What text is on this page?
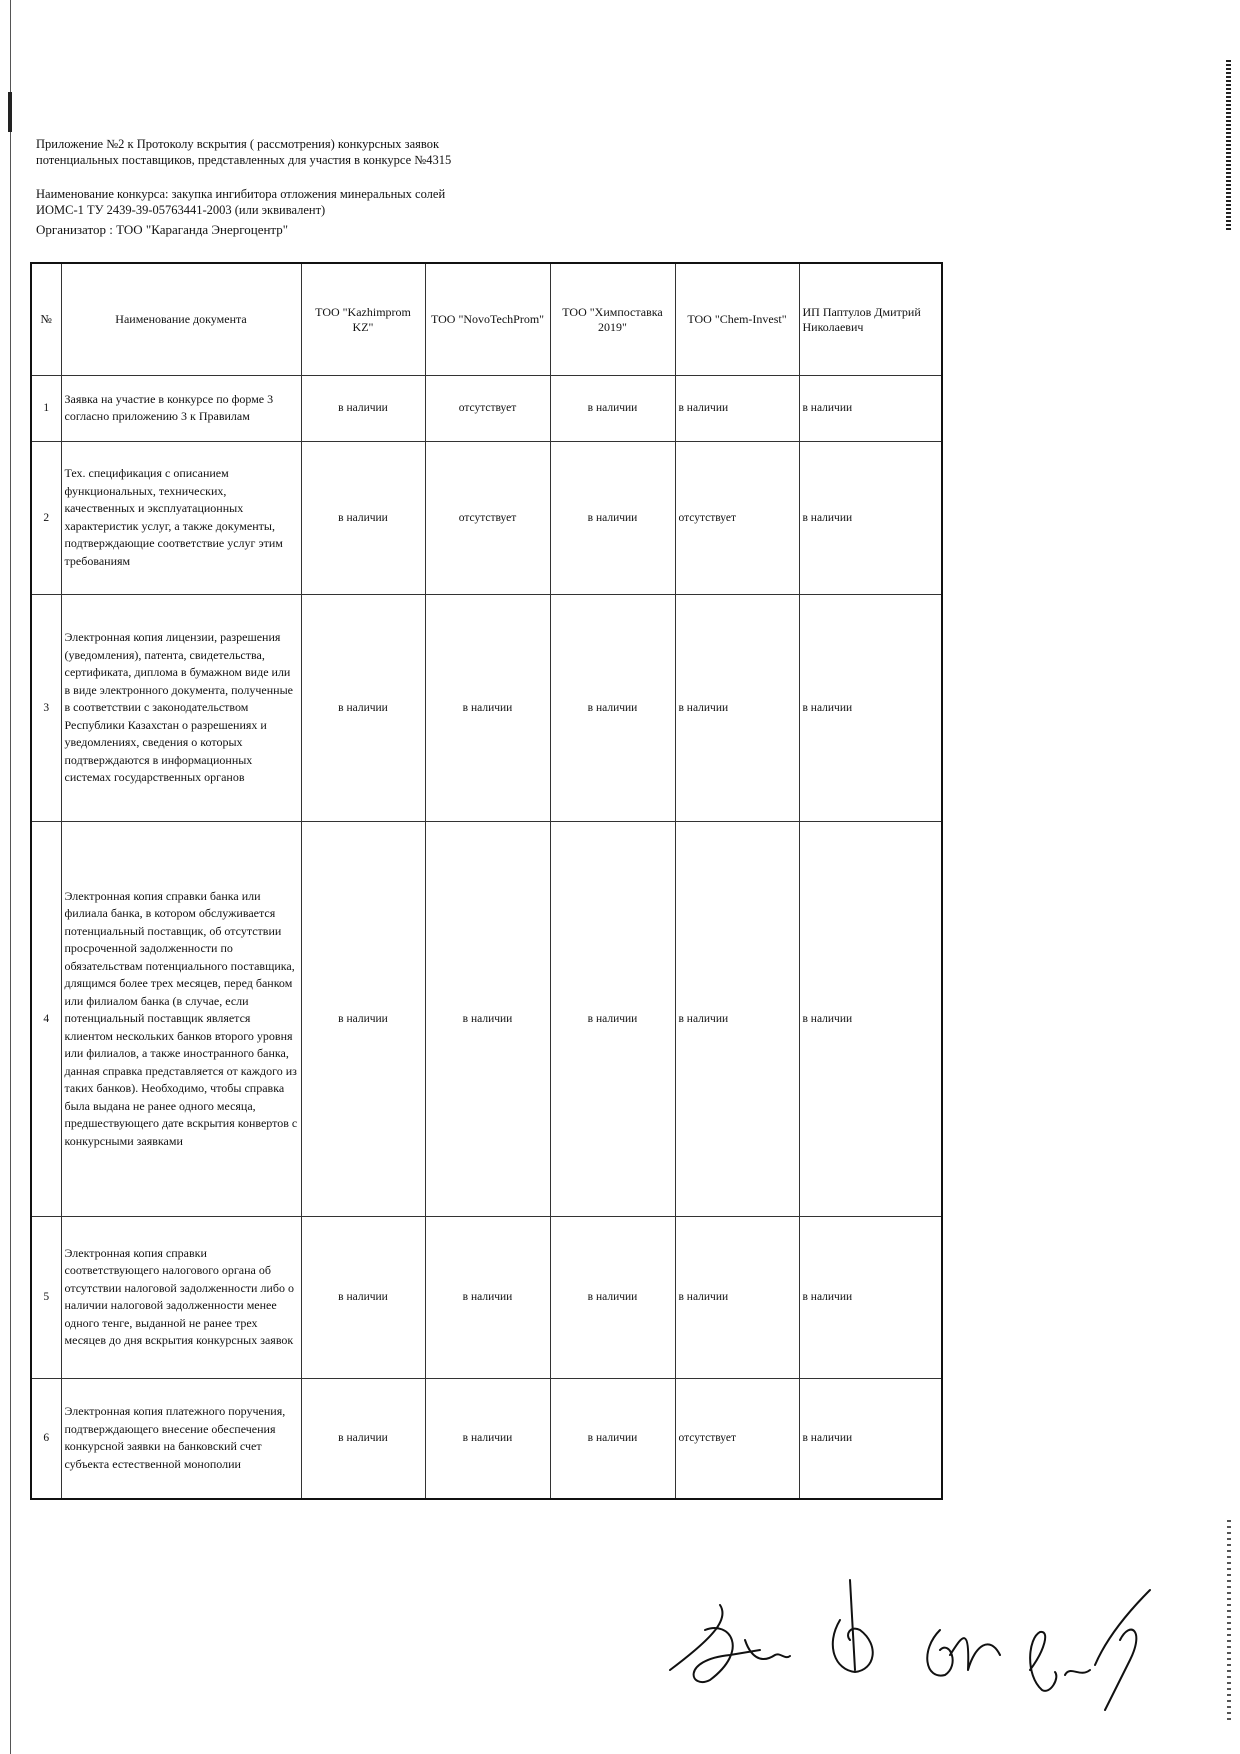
Приложение №2 к Протоколу вскрытия ( рассмотрения) конкурсных заявок
потенциальных поставщиков, представленных для участия в конкурсе №4315
Наименование конкурса: закупка ингибитора отложения минеральных солей
ИОМС-1 ТУ 2439-39-05763441-2003 (или эквивалент)
Организатор : ТОО "Караганда Энергоцентр"
№	Наименование документа	ТОО "Kazhimprom KZ"	ТОО "NovoTechProm"	ТОО "Химпоставка 2019"	ТОО "Chem-Invest"	ИП Паптулов Дмитрий Николаевич
1	Заявка на участие в конкурсе по форме 3 согласно приложению 3 к Правилам	в наличии	отсутствует	в наличии	в наличии	в наличии
2	Тех. спецификация с описанием функциональных, технических, качественных и эксплуатационных характеристик услуг, а также документы, подтверждающие соответствие услуг этим требованиям	в наличии	отсутствует	в наличии	отсутствует	в наличии
3	Электронная копия лицензии, разрешения (уведомления), патента, свидетельства, сертификата, диплома в бумажном виде или в виде электронного документа, полученные в соответствии с законодательством Республики Казахстан о разрешениях и уведомлениях, сведения о которых подтверждаются в информационных системах государственных органов	в наличии	в наличии	в наличии	в наличии	в наличии
4	Электронная копия справки банка или филиала банка, в котором обслуживается потенциальный поставщик, об отсутствии просроченной задолженности по обязательствам потенциального поставщика, длящимся более трех месяцев, перед банком или филиалом банка (в случае, если потенциальный поставщик является клиентом нескольких банков второго уровня или филиалов, а также иностранного банка, данная справка представляется от каждого из таких банков). Необходимо, чтобы справка была выдана не ранее одного месяца, предшествующего дате вскрытия конвертов с конкурсными заявками	в наличии	в наличии	в наличии	в наличии	в наличии
5	Электронная копия справки соответствующего налогового органа об отсутствии налоговой задолженности либо о наличии налоговой задолженности менее одного тенге, выданной не ранее трех месяцев до дня вскрытия конкурсных заявок	в наличии	в наличии	в наличии	в наличии	в наличии
6	Электронная копия платежного поручения, подтверждающего внесение обеспечения конкурсной заявки на банковский счет субъекта естественной монополии	в наличии	в наличии	в наличии	отсутствует	в наличии
